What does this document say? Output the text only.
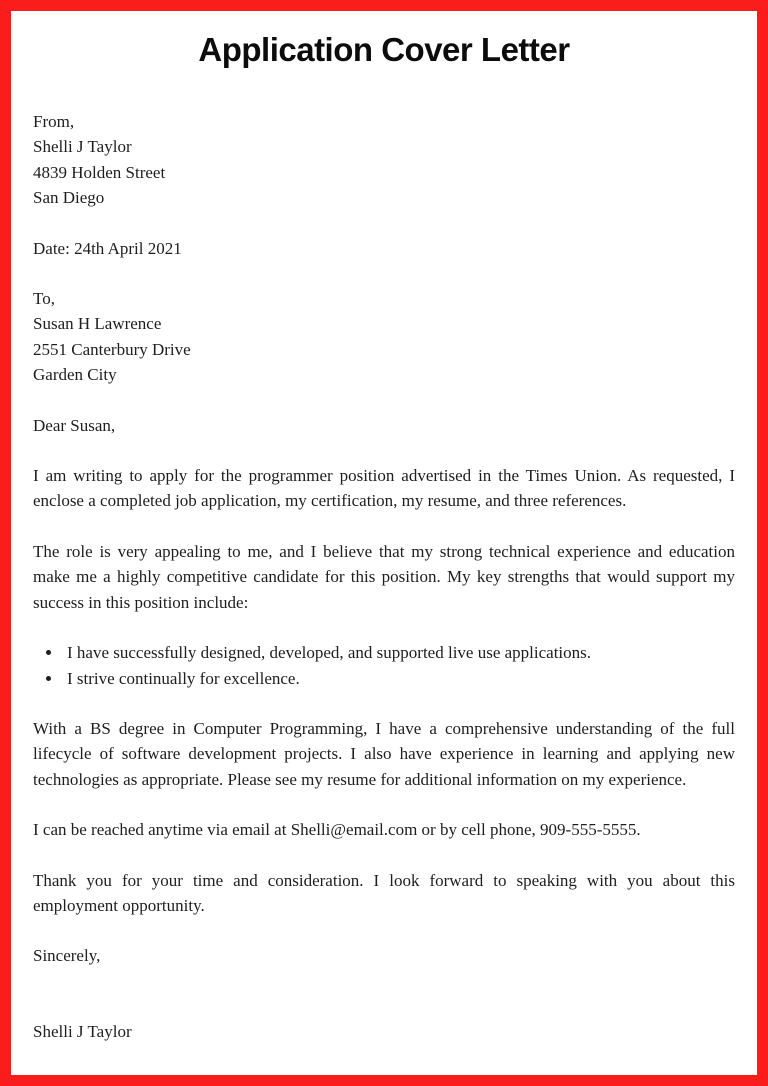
Application Cover Letter
From,
Shelli J Taylor
4839 Holden Street
San Diego
Date: 24th April 2021
To,
Susan H Lawrence
2551 Canterbury Drive
Garden City
Dear Susan,

I am writing to apply for the programmer position advertised in the Times Union. As requested, I enclose a completed job application, my certification, my resume, and three references.

The role is very appealing to me, and I believe that my strong technical experience and education make me a highly competitive candidate for this position. My key strengths that would support my success in this position include:

• I have successfully designed, developed, and supported live use applications.
• I strive continually for excellence.

With a BS degree in Computer Programming, I have a comprehensive understanding of the full lifecycle of software development projects. I also have experience in learning and applying new technologies as appropriate. Please see my resume for additional information on my experience.

I can be reached anytime via email at Shelli@email.com or by cell phone, 909-555-5555.

Thank you for your time and consideration. I look forward to speaking with you about this employment opportunity.

Sincerely,
Shelli J Taylor
